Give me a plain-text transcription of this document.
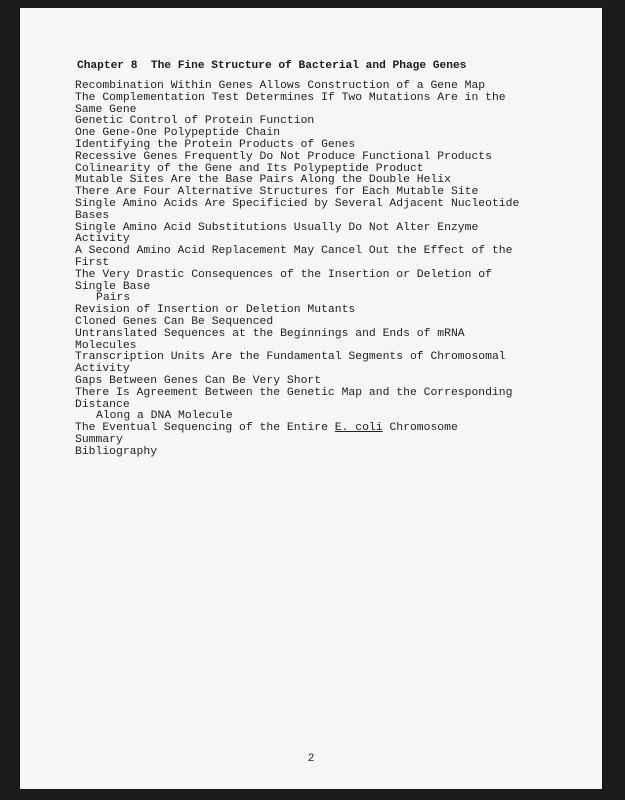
Chapter 8  The Fine Structure of Bacterial and Phage Genes
Recombination Within Genes Allows Construction of a Gene Map
The Complementation Test Determines If Two Mutations Are in the
Same Gene
Genetic Control of Protein Function
One Gene-One Polypeptide Chain
Identifying the Protein Products of Genes
Recessive Genes Frequently Do Not Produce Functional Products
Colinearity of the Gene and Its Polypeptide Product
Mutable Sites Are the Base Pairs Along the Double Helix
There Are Four Alternative Structures for Each Mutable Site
Single Amino Acids Are Specificied by Several Adjacent Nucleotide
Bases
Single Amino Acid Substitutions Usually Do Not Alter Enzyme
Activity
A Second Amino Acid Replacement May Cancel Out the Effect of the
First
The Very Drastic Consequences of the Insertion or Deletion of
Single Base
Pairs
Revision of Insertion or Deletion Mutants
Cloned Genes Can Be Sequenced
Untranslated Sequences at the Beginnings and Ends of mRNA
Molecules
Transcription Units Are the Fundamental Segments of Chromosomal
Activity
Gaps Between Genes Can Be Very Short
There Is Agreement Between the Genetic Map and the Corresponding
Distance
Along a DNA Molecule
The Eventual Sequencing of the Entire E. coli Chromosome
Summary
Bibliography
2
